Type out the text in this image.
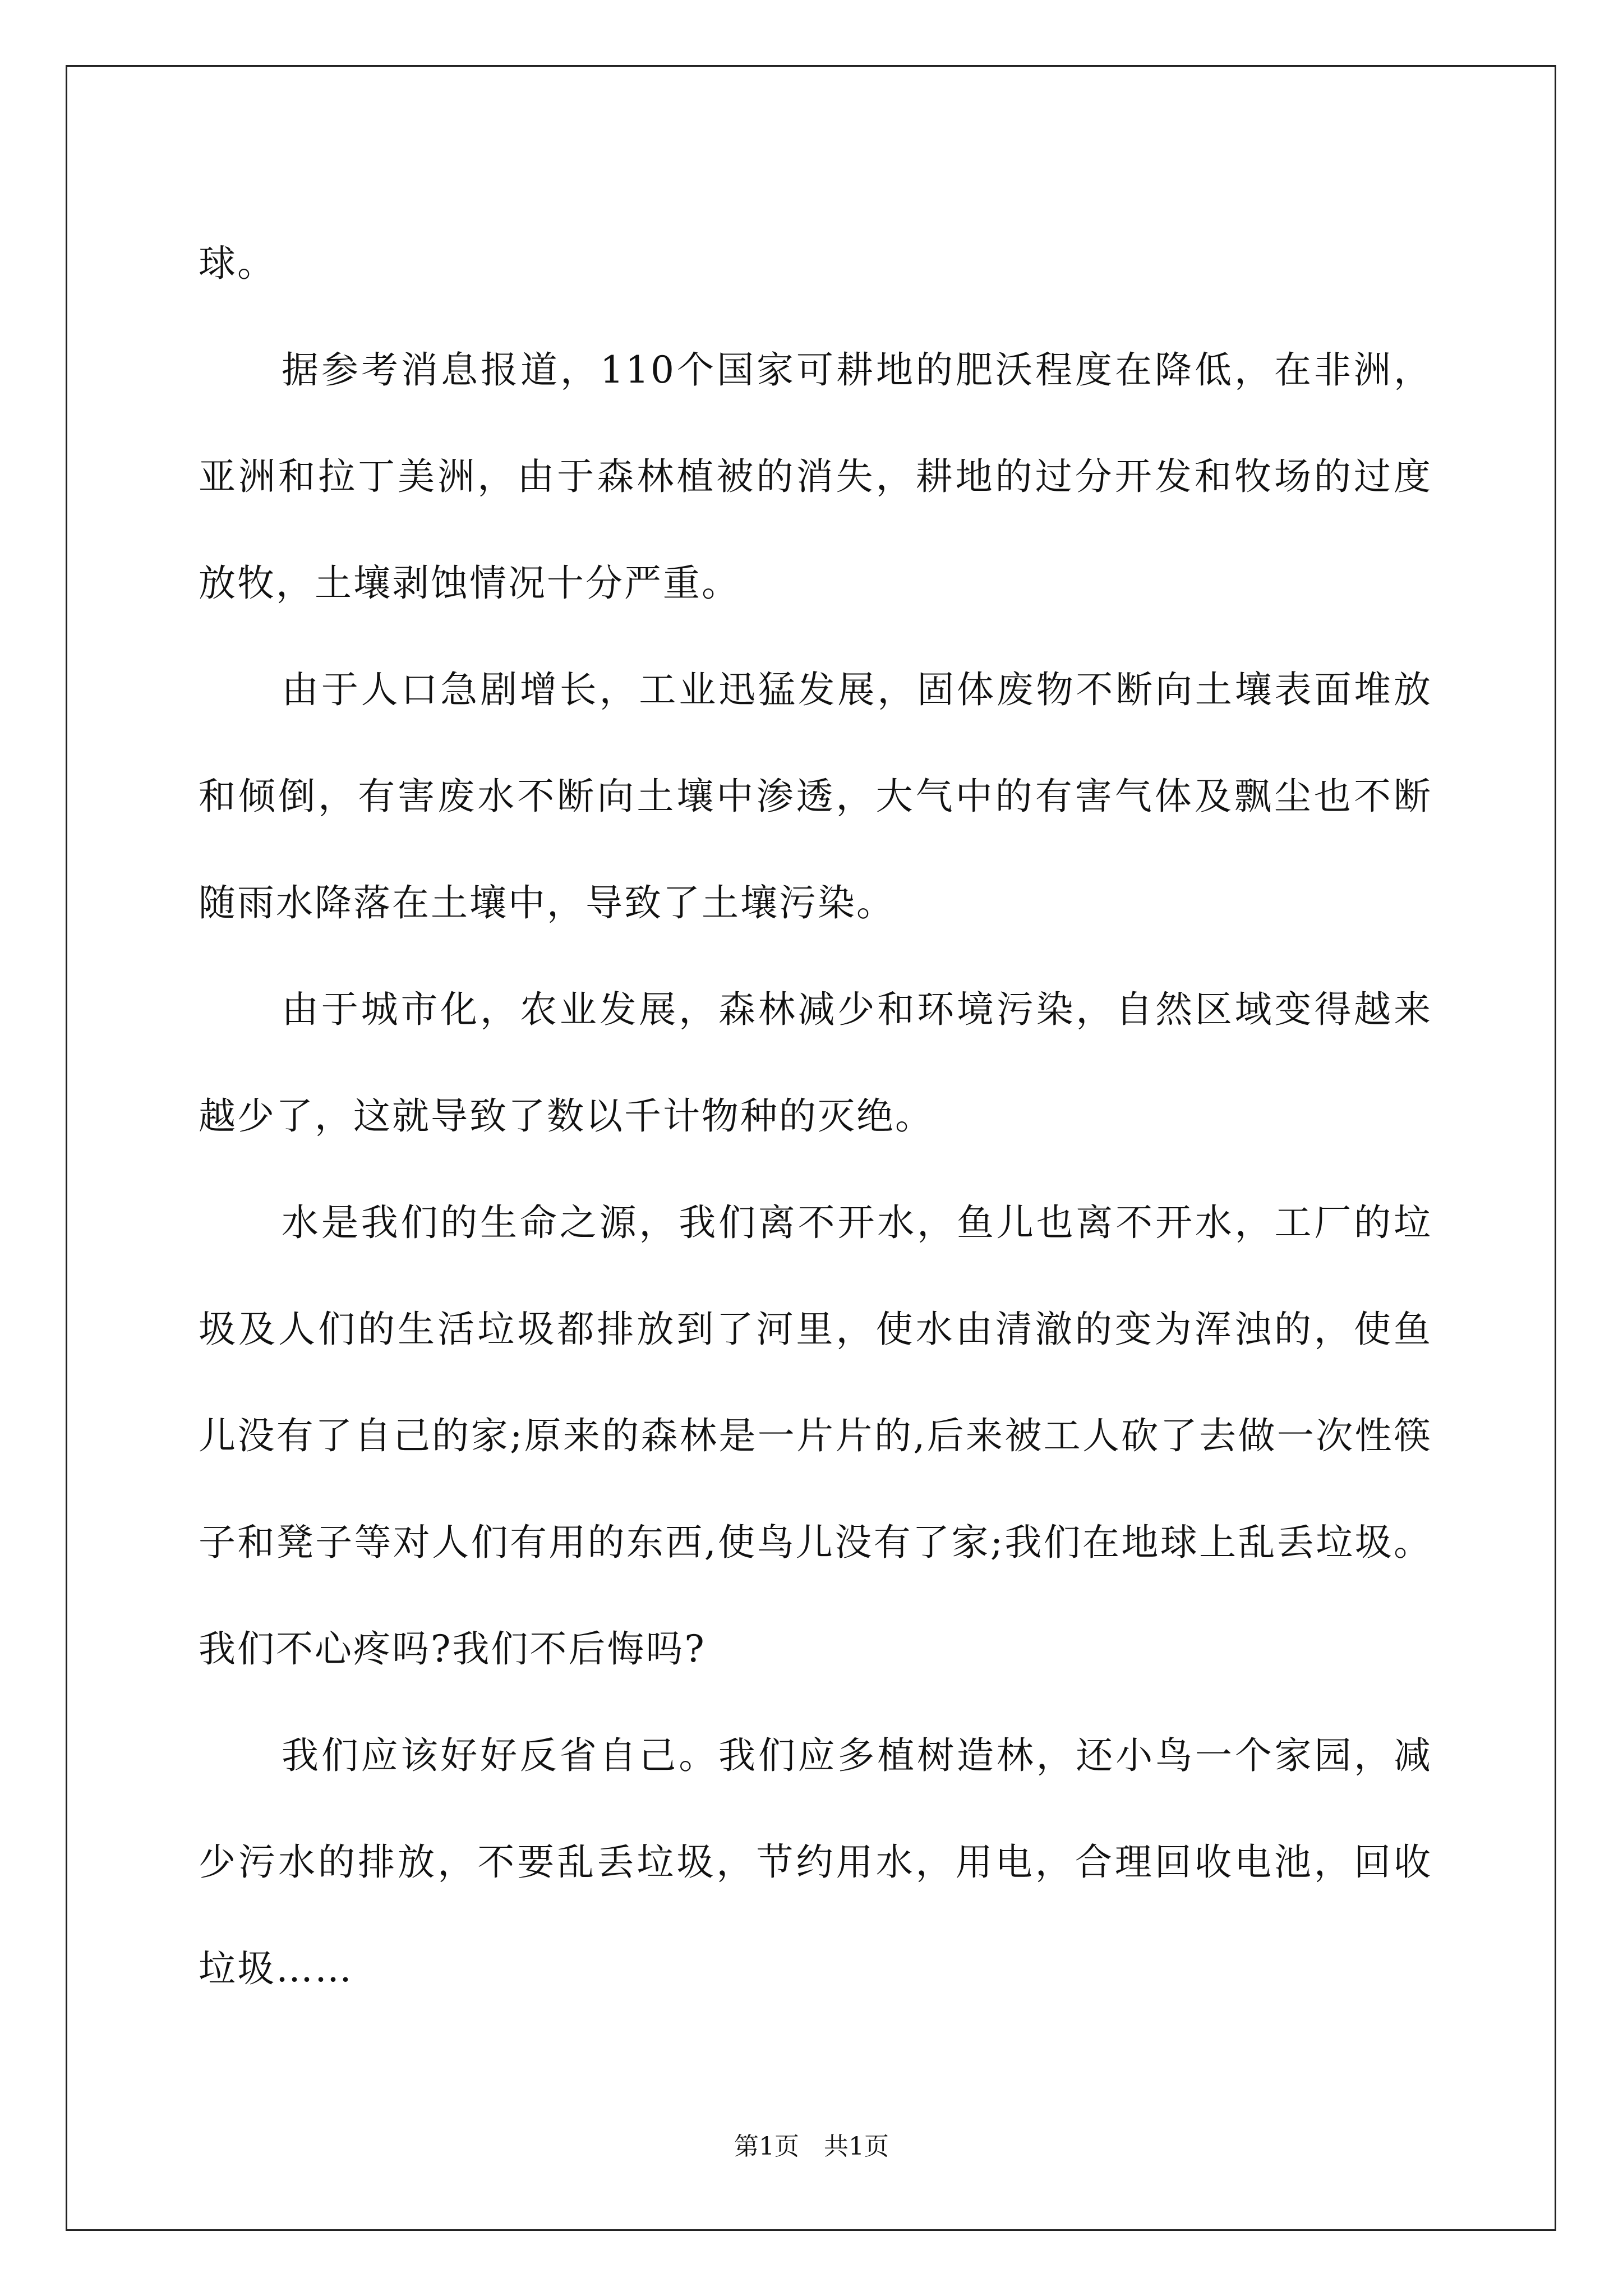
球。

据参考消息报道，110个国家可耕地的肥沃程度在降低，在非洲，亚洲和拉丁美洲，由于森林植被的消失，耕地的过分开发和牧场的过度放牧，土壤剥蚀情况十分严重。

由于人口急剧增长，工业迅猛发展，固体废物不断向土壤表面堆放和倾倒，有害废水不断向土壤中渗透，大气中的有害气体及飘尘也不断随雨水降落在土壤中，导致了土壤污染。

由于城市化，农业发展，森林减少和环境污染，自然区域变得越来越少了，这就导致了数以千计物种的灭绝。

水是我们的生命之源，我们离不开水，鱼儿也离不开水，工厂的垃圾及人们的生活垃圾都排放到了河里，使水由清澈的变为浑浊的，使鱼儿没有了自己的家;原来的森林是一片片的,后来被工人砍了去做一次性筷子和凳子等对人们有用的东西,使鸟儿没有了家;我们在地球上乱丢垃圾。我们不心疼吗?我们不后悔吗?

我们应该好好反省自己。我们应多植树造林，还小鸟一个家园，减少污水的排放，不要乱丢垃圾，节约用水，用电，合理回收电池，回收垃圾……

第1页　共1页
